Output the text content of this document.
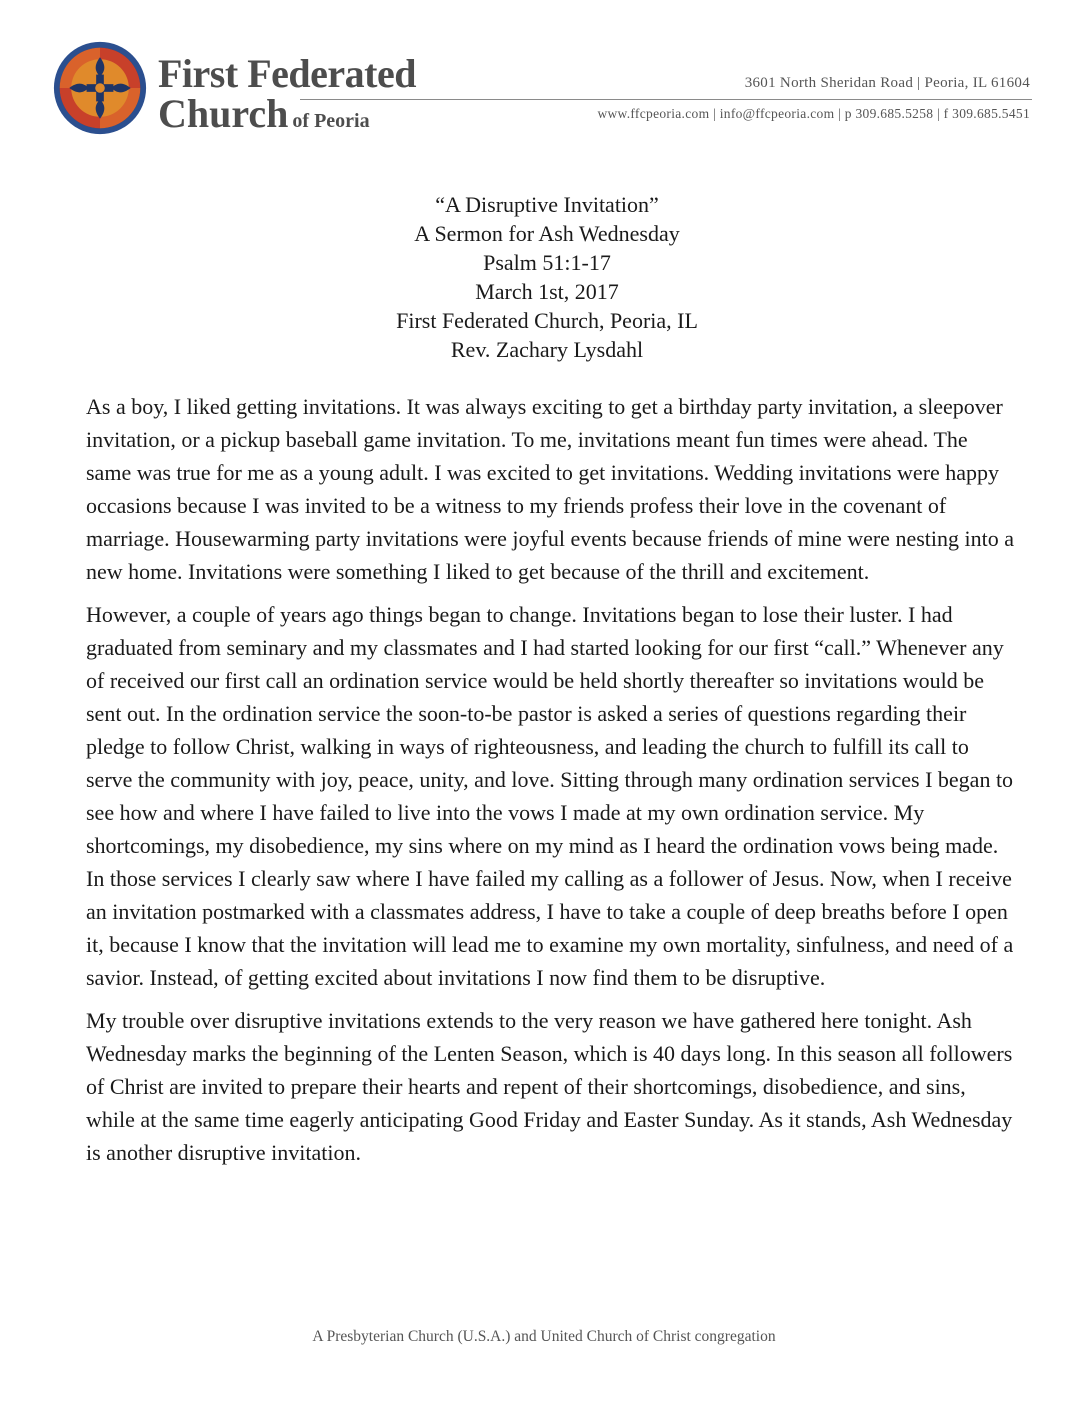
First Federated
Church of Peoria
3601 North Sheridan Road | Peoria, IL 61604
www.ffcpeoria.com | info@ffcpeoria.com | p 309.685.5258 | f 309.685.5451
“A Disruptive Invitation”
A Sermon for Ash Wednesday
Psalm 51:1-17
March 1st, 2017
First Federated Church, Peoria, IL
Rev. Zachary Lysdahl

As a boy, I liked getting invitations. It was always exciting to get a birthday party invitation, a sleepover invitation, or a pickup baseball game invitation. To me, invitations meant fun times were ahead. The same was true for me as a young adult. I was excited to get invitations. Wedding invitations were happy occasions because I was invited to be a witness to my friends profess their love in the covenant of marriage. Housewarming party invitations were joyful events because friends of mine were nesting into a new home. Invitations were something I liked to get because of the thrill and excitement.

However, a couple of years ago things began to change. Invitations began to lose their luster. I had graduated from seminary and my classmates and I had started looking for our first “call.” Whenever any of received our first call an ordination service would be held shortly thereafter so invitations would be sent out. In the ordination service the soon-to-be pastor is asked a series of questions regarding their pledge to follow Christ, walking in ways of righteousness, and leading the church to fulfill its call to serve the community with joy, peace, unity, and love. Sitting through many ordination services I began to see how and where I have failed to live into the vows I made at my own ordination service. My shortcomings, my disobedience, my sins where on my mind as I heard the ordination vows being made. In those services I clearly saw where I have failed my calling as a follower of Jesus. Now, when I receive an invitation postmarked with a classmates address, I have to take a couple of deep breaths before I open it, because I know that the invitation will lead me to examine my own mortality, sinfulness, and need of a savior. Instead, of getting excited about invitations I now find them to be disruptive.

My trouble over disruptive invitations extends to the very reason we have gathered here tonight. Ash Wednesday marks the beginning of the Lenten Season, which is 40 days long. In this season all followers of Christ are invited to prepare their hearts and repent of their shortcomings, disobedience, and sins, while at the same time eagerly anticipating Good Friday and Easter Sunday. As it stands, Ash Wednesday is another disruptive invitation.

A Presbyterian Church (U.S.A.) and United Church of Christ congregation
